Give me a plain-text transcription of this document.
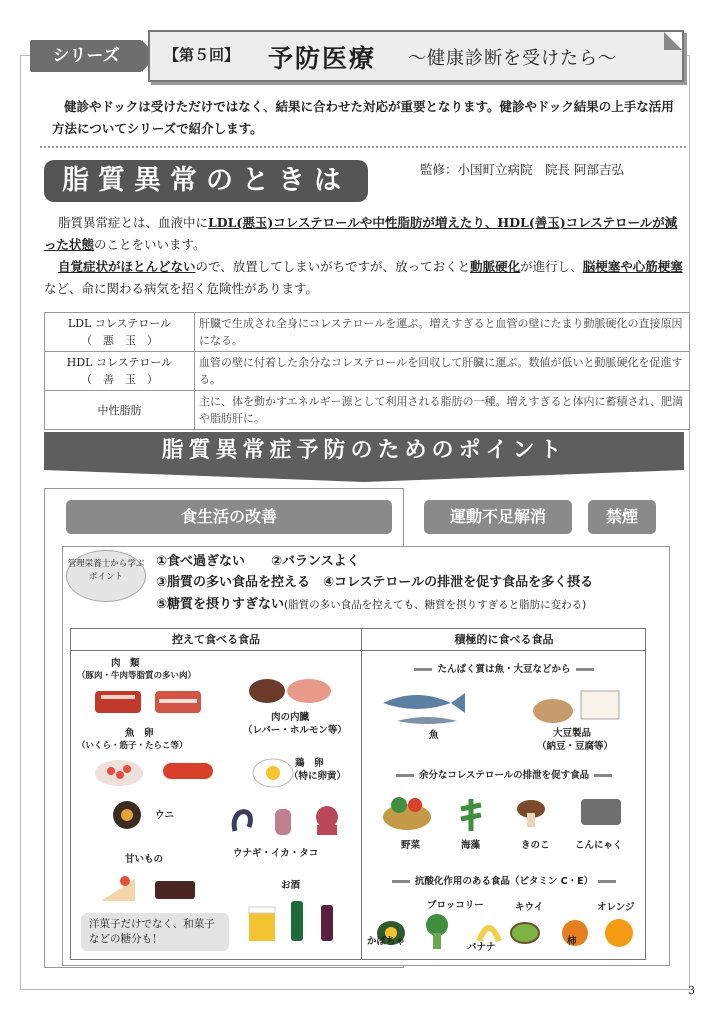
シリーズ	【第５回】 予防医療 〜健康診断を受けたら〜
健診やドックは受けただけではなく、結果に合わせた対応が重要となります。健診やドック結果の上手な活用方法についてシリーズで紹介します。
脂質異常のときは	監修：小国町立病院　院長 阿部吉弘
脂質異常症とは、血液中にLDL(悪玉)コレステロールや中性脂肪が増えたり、HDL(善玉)コレステロールが減った状態のことをいいます。
自覚症状がほとんどないので、放置してしまいがちですが、放っておくと動脈硬化が進行し、脳梗塞や心筋梗塞など、命に関わる病気を招く危険性があります。
LDL コレステロール
（　悪　玉　）	肝臓で生成され全身にコレステロールを運ぶ。増えすぎると血管の壁にたまり動脈硬化の直接原因になる。

HDL コレステロール
（　善　玉　）	血管の壁に付着した余分なコレステロールを回収して肝臓に運ぶ。数値が低いと動脈硬化を促進する。

中性脂肪	主に、体を動かすエネルギー源として利用される脂肪の一種。増えすぎると体内に蓄積され、肥満や脂肪肝に。
脂質異常症予防のためのポイント
食生活の改善	運動不足解消	禁煙
管理栄養士から学ぶポイント
①食べ過ぎない　　 ②バランスよく
③脂質の多い食品を控える　 ④コレステロールの排泄を促す食品を多く摂る
⑤糖質を摂りすぎない(脂質の多い食品を控えても、糖質を摂りすぎると脂肪に変わる)
控えて食べる食品	積極的に食べる食品
肉　類
（豚肉・牛肉等脂質の多い肉）
肉の内臓
（レバー・ホルモン等）
魚　卵
（いくら・筋子・たらこ等）
鶏　卵
（特に卵黄）
ウニ
ウナギ・イカ・タコ
甘いもの
お酒
洋菓子だけでなく、和菓子などの糖分も！
たんぱく質は魚・大豆などから
魚	大豆製品
（納豆・豆腐等）
余分なコレステロールの排泄を促す食品
野菜	海藻	きのこ	こんにゃく
抗酸化作用のある食品（ビタミン C・E）
ブロッコリー	キウイ	オレンジ
かぼちゃ
バナナ
柿
3
